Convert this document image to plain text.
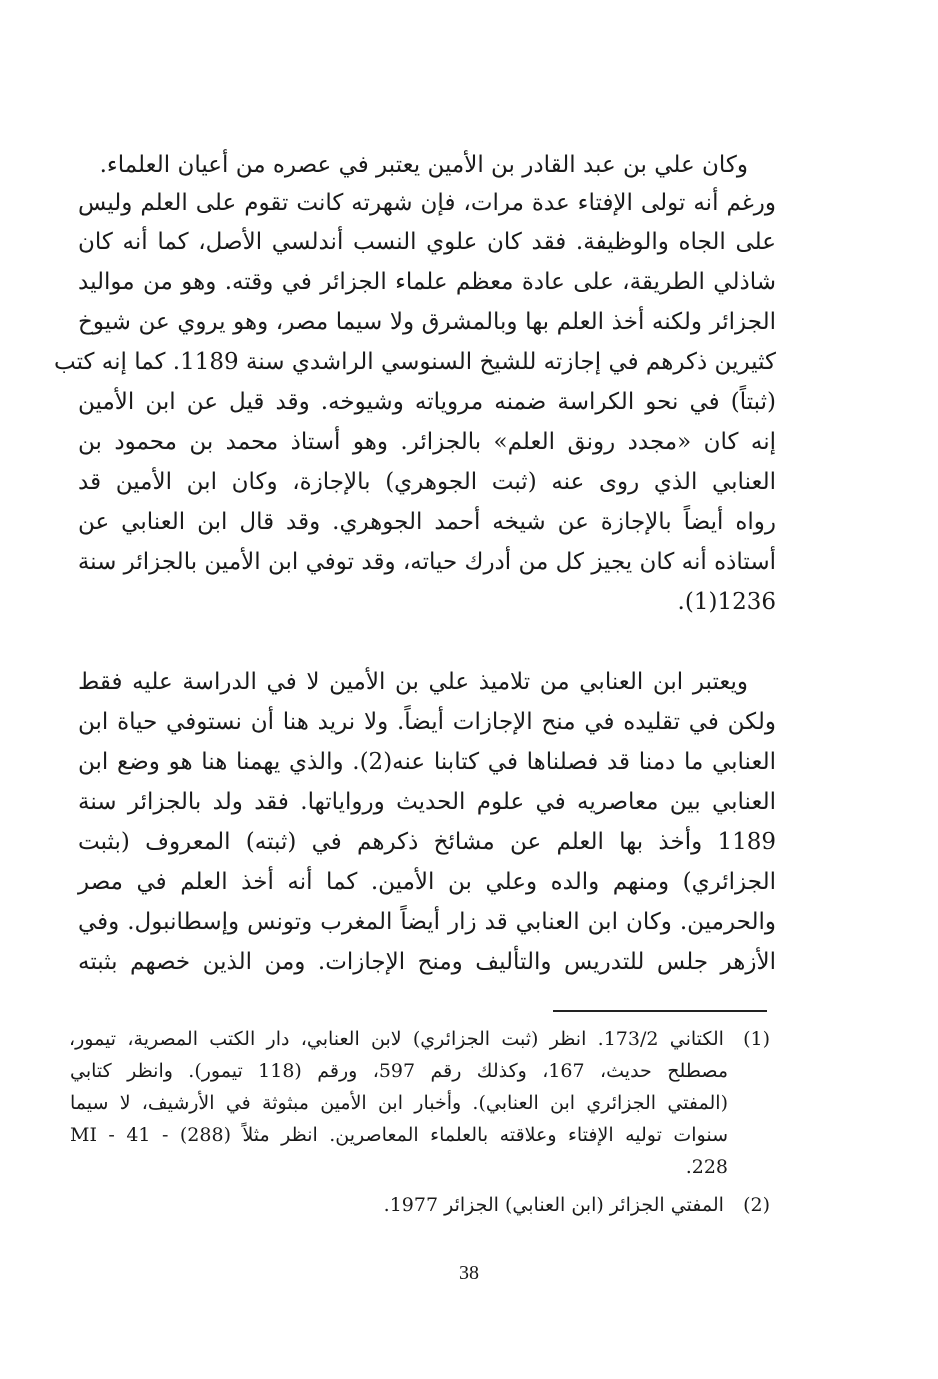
وكان علي بن عبد القادر بن الأمين يعتبر في عصره من أعيان العلماء.
ورغم أنه تولى الإفتاء عدة مرات، فإن شهرته كانت تقوم على العلم وليس
على الجاه والوظيفة. فقد كان علوي النسب أندلسي الأصل، كما أنه كان
شاذلي الطريقة، على عادة معظم علماء الجزائر في وقته. وهو من مواليد
الجزائر ولكنه أخذ العلم بها وبالمشرق ولا سيما مصر، وهو يروي عن شيوخ
كثيرين ذكرهم في إجازته للشيخ السنوسي الراشدي سنة 1189. كما إنه كتب
(ثبتاً) في نحو الكراسة ضمنه مروياته وشيوخه. وقد قيل عن ابن الأمين
إنه كان «مجدد رونق العلم» بالجزائر. وهو أستاذ محمد بن محمود بن
العنابي الذي روى عنه (ثبت الجوهري) بالإجازة، وكان ابن الأمين قد
رواه أيضاً بالإجازة عن شيخه أحمد الجوهري. وقد قال ابن العنابي عن
أستاذه أنه كان يجيز كل من أدرك حياته، وقد توفي ابن الأمين بالجزائر سنة
1236(1).
ويعتبر ابن العنابي من تلاميذ علي بن الأمين لا في الدراسة عليه فقط
ولكن في تقليده في منح الإجازات أيضاً. ولا نريد هنا أن نستوفي حياة ابن
العنابي ما دمنا قد فصلناها في كتابنا عنه(2). والذي يهمنا هنا هو وضع ابن
العنابي بين معاصريه في علوم الحديث ورواياتها. فقد ولد بالجزائر سنة
1189 وأخذ بها العلم عن مشائخ ذكرهم في (ثبته) المعروف (بثبت
الجزائري) ومنهم والده وعلي بن الأمين. كما أنه أخذ العلم في مصر
والحرمين. وكان ابن العنابي قد زار أيضاً المغرب وتونس وإسطانبول. وفي
الأزهر جلس للتدريس والتأليف ومنح الإجازات. ومن الذين خصهم بثبته
(1) الكتاني 173/2. انظر (ثبت الجزائري) لابن العنابي، دار الكتب المصرية، تيمور،
مصطلح حديث، 167، وكذلك رقم 597، ورقم (118 تيمور). وانظر كتابي
(المفتي الجزائري ابن العنابي). وأخبار ابن الأمين مبثوثة في الأرشيف، لا سيما
سنوات توليه الإفتاء وعلاقته بالعلماء المعاصرين. انظر مثلاً (288) - 41 - MI
228.
(2) المفتي الجزائر (ابن العنابي) الجزائر 1977.
38
